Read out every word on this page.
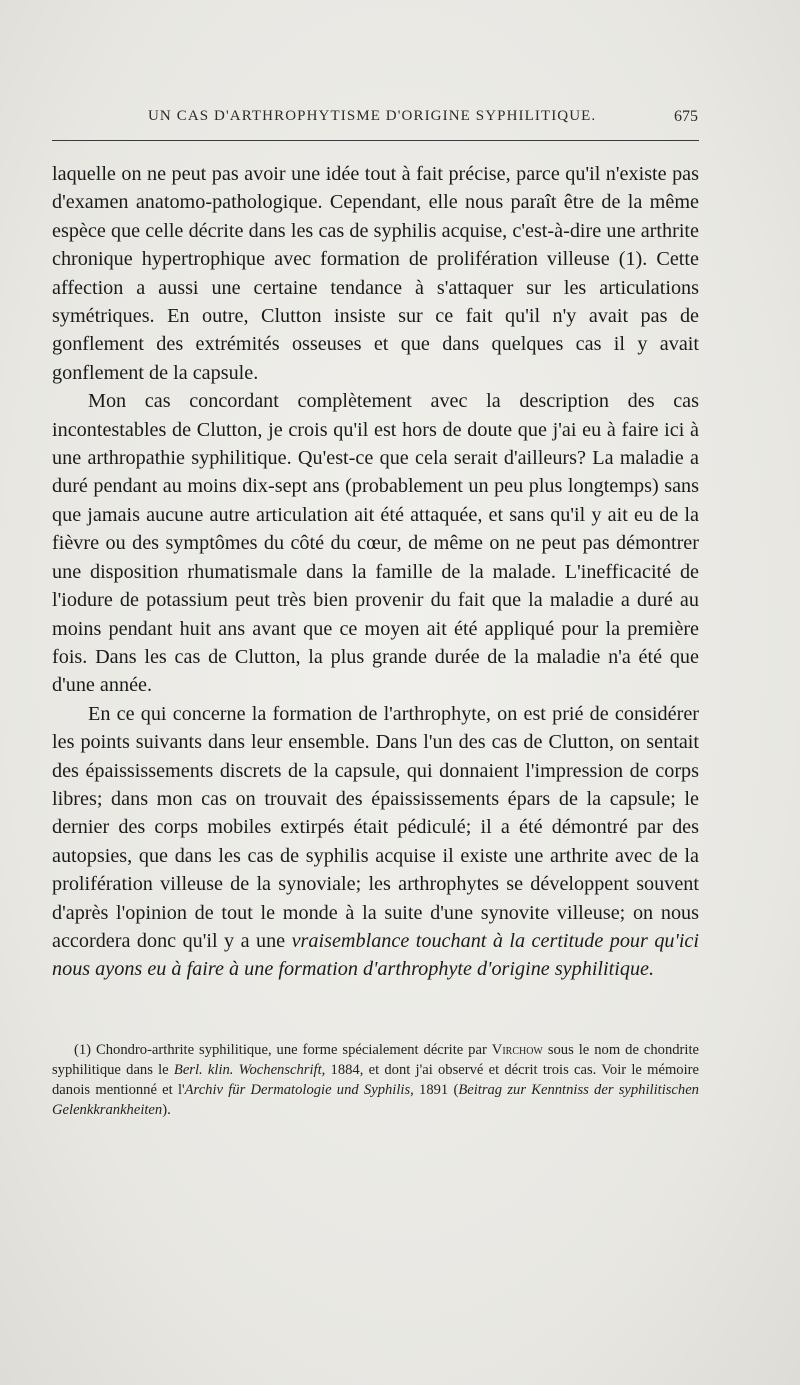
UN CAS D'ARTHROPHYTISME D'ORIGINE SYPHILITIQUE.	675

laquelle on ne peut pas avoir une idée tout à fait précise, parce qu'il n'existe pas d'examen anatomo-pathologique. Cependant, elle nous paraît être de la même espèce que celle décrite dans les cas de syphilis acquise, c'est-à-dire une arthrite chronique hypertrophique avec formation de prolifération villeuse (1). Cette affection a aussi une certaine tendance à s'attaquer sur les articulations symétriques. En outre, Clutton insiste sur ce fait qu'il n'y avait pas de gonflement des extrémités osseuses et que dans quelques cas il y avait gonflement de la capsule.

Mon cas concordant complètement avec la description des cas incontestables de Clutton, je crois qu'il est hors de doute que j'ai eu à faire ici à une arthropathie syphilitique. Qu'est-ce que cela serait d'ailleurs? La maladie a duré pendant au moins dix-sept ans (probablement un peu plus longtemps) sans que jamais aucune autre articulation ait été attaquée, et sans qu'il y ait eu de la fièvre ou des symptômes du côté du cœur, de même on ne peut pas démontrer une disposition rhumatismale dans la famille de la malade. L'inefficacité de l'iodure de potassium peut très bien provenir du fait que la maladie a duré au moins pendant huit ans avant que ce moyen ait été appliqué pour la première fois. Dans les cas de Clutton, la plus grande durée de la maladie n'a été que d'une année.

En ce qui concerne la formation de l'arthrophyte, on est prié de considérer les points suivants dans leur ensemble. Dans l'un des cas de Clutton, on sentait des épaississements discrets de la capsule, qui donnaient l'impression de corps libres; dans mon cas on trouvait des épaississements épars de la capsule; le dernier des corps mobiles extirpés était pédiculé; il a été démontré par des autopsies, que dans les cas de syphilis acquise il existe une arthrite avec de la prolifération villeuse de la synoviale; les arthrophytes se développent souvent d'après l'opinion de tout le monde à la suite d'une synovite villeuse; on nous accordera donc qu'il y a une vraisemblance touchant à la certitude pour qu'ici nous ayons eu à faire à une formation d'arthrophyte d'origine syphilitique.

(1) Chondro-arthrite syphilitique, une forme spécialement décrite par Virchow sous le nom de chondrite syphilitique dans le Berl. klin. Wochenschrift, 1884, et dont j'ai observé et décrit trois cas. Voir le mémoire danois mentionné et l'Archiv für Dermatologie und Syphilis, 1891 (Beitrag zur Kenntniss der syphilitischen Gelenkkrankheiten).
